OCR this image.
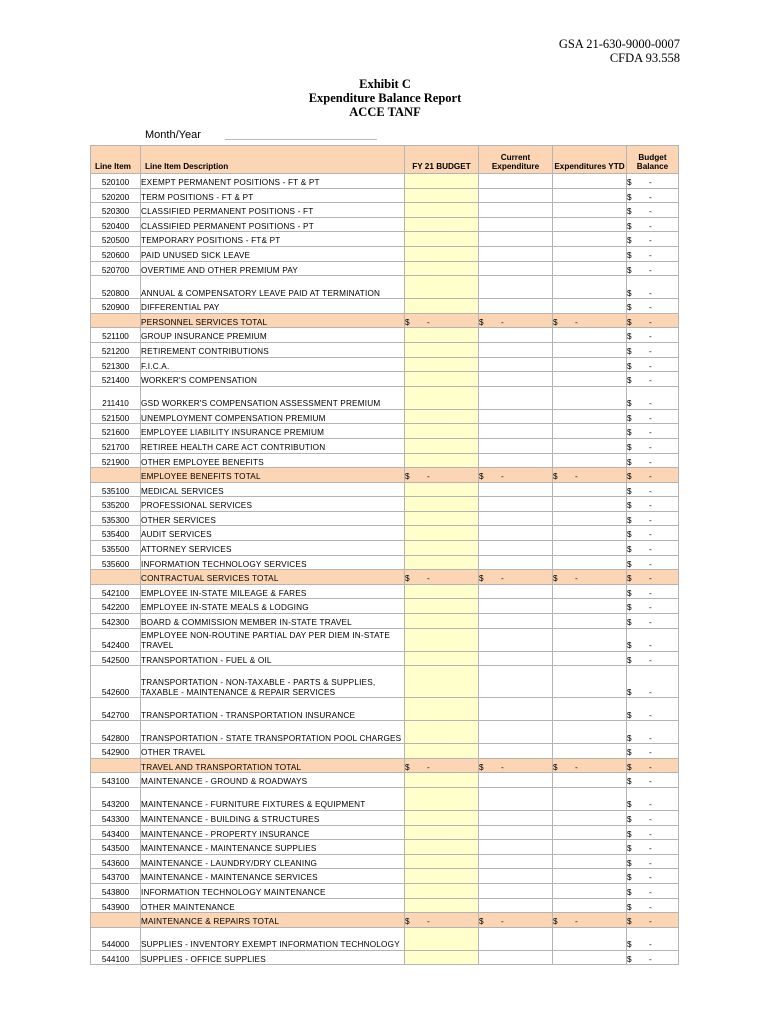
GSA 21-630-9000-0007
CFDA 93.558
Exhibit C
Expenditure Balance Report
ACCE TANF
Month/Year
Line Item	Line Item Description	FY 21 BUDGET	Current Expenditure	Expenditures YTD	Budget Balance
520100	EXEMPT PERMANENT POSITIONS - FT & PT				$ -
520200	TERM POSITIONS - FT & PT				$ -
520300	CLASSIFIED PERMANENT POSITIONS - FT				$ -
520400	CLASSIFIED PERMANENT POSITIONS - PT				$ -
520500	TEMPORARY POSITIONS - FT& PT				$ -
520600	PAID UNUSED SICK LEAVE				$ -
520700	OVERTIME AND OTHER PREMIUM PAY				$ -
520800	ANNUAL & COMPENSATORY LEAVE PAID AT TERMINATION				$ -
520900	DIFFERENTIAL PAY				$ -
	PERSONNEL SERVICES TOTAL	$ -	$ -	$ -	$ -
521100	GROUP INSURANCE PREMIUM				$ -
521200	RETIREMENT CONTRIBUTIONS				$ -
521300	F.I.C.A.				$ -
521400	WORKER'S COMPENSATION				$ -
211410	GSD WORKER'S COMPENSATION ASSESSMENT PREMIUM				$ -
521500	UNEMPLOYMENT COMPENSATION PREMIUM				$ -
521600	EMPLOYEE LIABILITY INSURANCE PREMIUM				$ -
521700	RETIREE HEALTH CARE ACT CONTRIBUTION				$ -
521900	OTHER EMPLOYEE BENEFITS				$ -
	EMPLOYEE BENEFITS TOTAL	$ -	$ -	$ -	$ -
535100	MEDICAL SERVICES				$ -
535200	PROFESSIONAL SERVICES				$ -
535300	OTHER SERVICES				$ -
535400	AUDIT SERVICES				$ -
535500	ATTORNEY SERVICES				$ -
535600	INFORMATION TECHNOLOGY SERVICES				$ -
	CONTRACTUAL SERVICES TOTAL	$ -	$ -	$ -	$ -
542100	EMPLOYEE IN-STATE MILEAGE & FARES				$ -
542200	EMPLOYEE IN-STATE MEALS & LODGING				$ -
542300	BOARD & COMMISSION MEMBER IN-STATE TRAVEL				$ -
542400	EMPLOYEE NON-ROUTINE PARTIAL DAY PER DIEM IN-STATE TRAVEL				$ -
542500	TRANSPORTATION - FUEL & OIL				$ -
542600	TRANSPORTATION - NON-TAXABLE - PARTS & SUPPLIES, TAXABLE - MAINTENANCE & REPAIR SERVICES				$ -
542700	TRANSPORTATION - TRANSPORTATION INSURANCE				$ -
542800	TRANSPORTATION - STATE TRANSPORTATION POOL CHARGES				$ -
542900	OTHER TRAVEL				$ -
	TRAVEL AND TRANSPORTATION TOTAL	$ -	$ -	$ -	$ -
543100	MAINTENANCE - GROUND & ROADWAYS				$ -
543200	MAINTENANCE - FURNITURE FIXTURES & EQUIPMENT				$ -
543300	MAINTENANCE - BUILDING & STRUCTURES				$ -
543400	MAINTENANCE - PROPERTY INSURANCE				$ -
543500	MAINTENANCE - MAINTENANCE SUPPLIES				$ -
543600	MAINTENANCE - LAUNDRY/DRY CLEANING				$ -
543700	MAINTENANCE - MAINTENANCE SERVICES				$ -
543800	INFORMATION TECHNOLOGY MAINTENANCE				$ -
543900	OTHER MAINTENANCE				$ -
	MAINTENANCE & REPAIRS TOTAL	$ -	$ -	$ -	$ -
544000	SUPPLIES - INVENTORY EXEMPT INFORMATION TECHNOLOGY				$ -
544100	SUPPLIES - OFFICE SUPPLIES				$ -
